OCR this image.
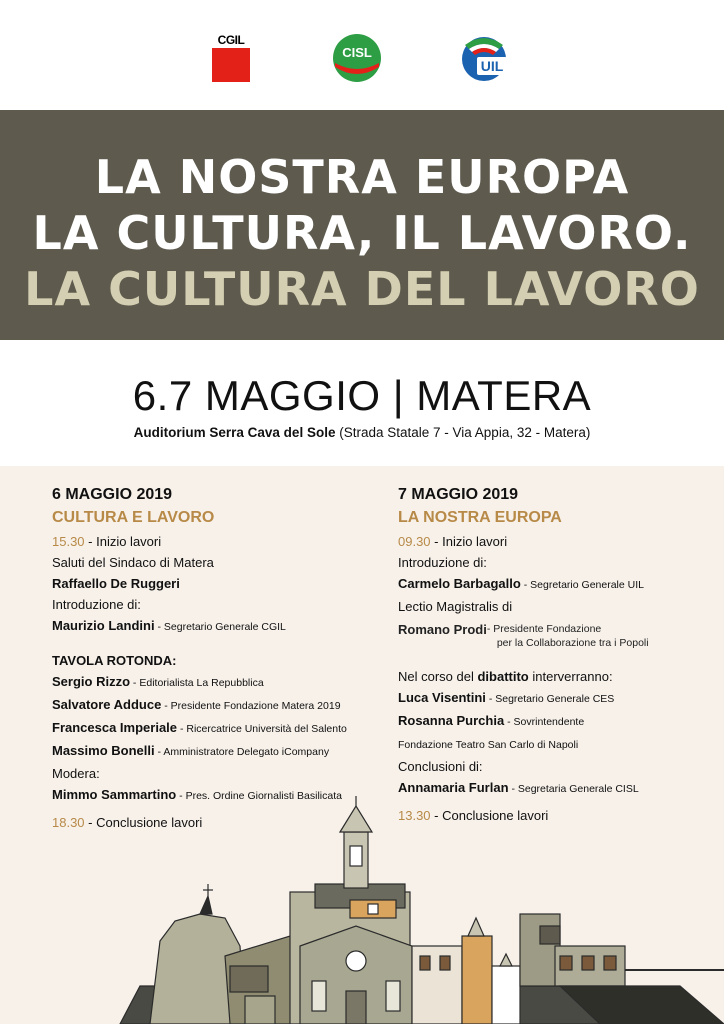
CGIL
CISL
UIL
LA NOSTRA EUROPA
LA CULTURA, IL LAVORO.
LA CULTURA DEL LAVORO
6.7 MAGGIO | MATERA
Auditorium Serra Cava del Sole (Strada Statale 7 - Via Appia, 32 - Matera)
6 MAGGIO 2019
CULTURA E LAVORO
15.30 - Inizio lavori
Saluti del Sindaco di Matera
Raffaello De Ruggeri
Introduzione di:
Maurizio Landini - Segretario Generale CGIL
TAVOLA ROTONDA:
Sergio Rizzo - Editorialista La Repubblica
Salvatore Adduce - Presidente Fondazione Matera 2019
Francesca Imperiale - Ricercatrice Università del Salento
Massimo Bonelli - Amministratore Delegato iCompany
Modera:
Mimmo Sammartino - Pres. Ordine Giornalisti Basilicata
18.30 - Conclusione lavori
7 MAGGIO 2019
LA NOSTRA EUROPA
09.30 - Inizio lavori
Introduzione di:
Carmelo Barbagallo - Segretario Generale UIL
Lectio Magistralis di
Romano Prodi - Presidente Fondazione
per la Collaborazione tra i Popoli
Nel corso del dibattito interverranno:
Luca Visentini - Segretario Generale CES
Rosanna Purchia - Sovrintendente
Fondazione Teatro San Carlo di Napoli
Conclusioni di:
Annamaria Furlan - Segretaria Generale CISL
13.30 - Conclusione lavori
